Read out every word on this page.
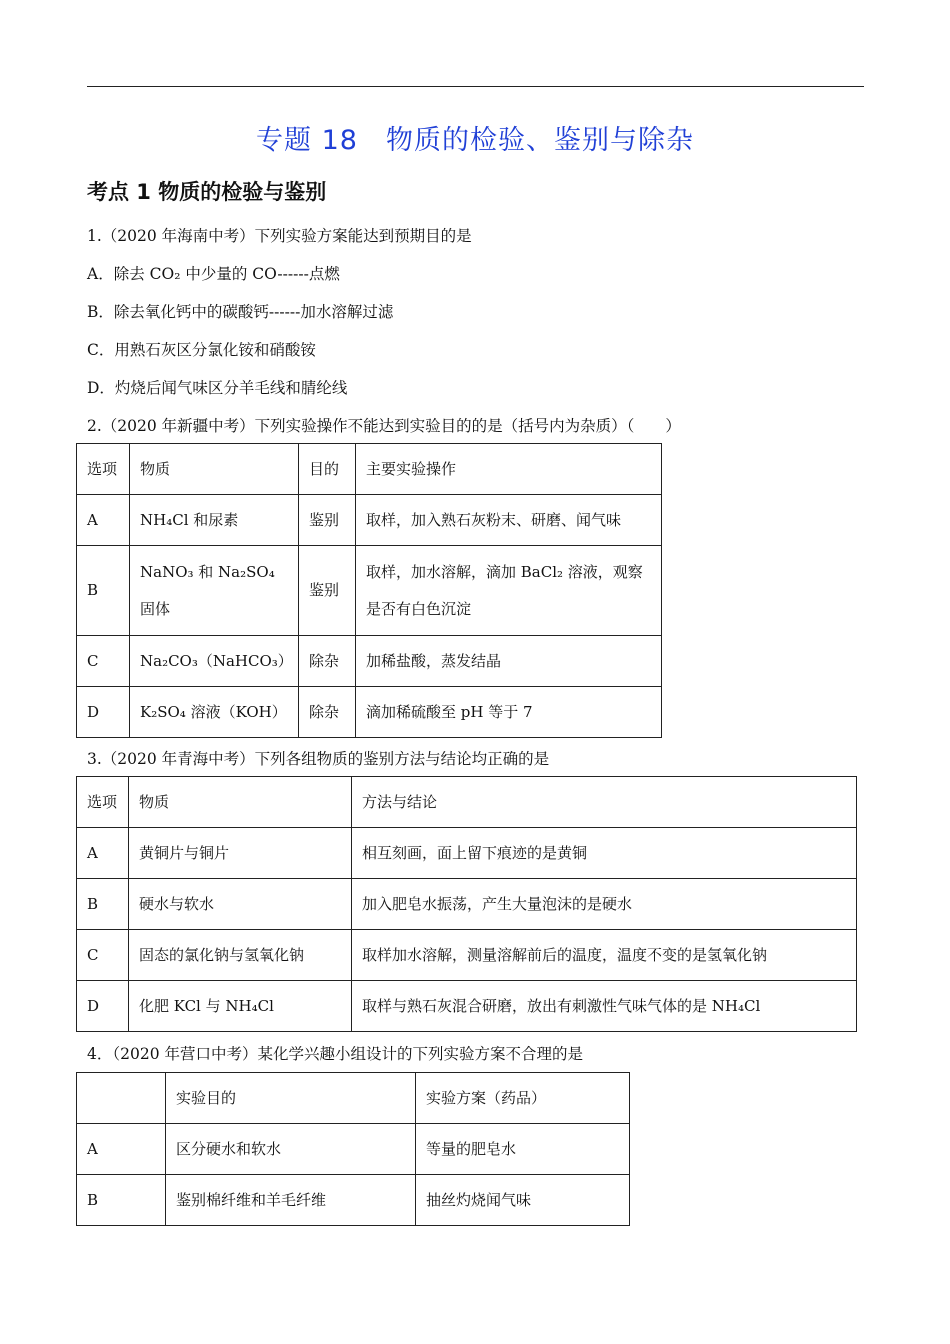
专题 18　物质的检验、鉴别与除杂
考点 1 物质的检验与鉴别
1.（2020 年海南中考）下列实验方案能达到预期目的是
A．除去 CO₂ 中少量的 CO------点燃
B．除去氧化钙中的碳酸钙------加水溶解过滤
C．用熟石灰区分氯化铵和硝酸铵
D．灼烧后闻气味区分羊毛线和腈纶线
2.（2020 年新疆中考）下列实验操作不能达到实验目的的是（括号内为杂质）（　　）
选项	物质	目的	主要实验操作
A	NH₄Cl 和尿素	鉴别	取样，加入熟石灰粉末、研磨、闻气味
B	NaNO₃ 和 Na₂SO₄ 固体	鉴别	取样，加水溶解，滴加 BaCl₂ 溶液，观察是否有白色沉淀
C	Na₂CO₃（NaHCO₃）	除杂	加稀盐酸，蒸发结晶
D	K₂SO₄ 溶液（KOH）	除杂	滴加稀硫酸至 pH 等于 7
3.（2020 年青海中考）下列各组物质的鉴别方法与结论均正确的是
选项	物质	方法与结论
A	黄铜片与铜片	相互刻画，面上留下痕迹的是黄铜
B	硬水与软水	加入肥皂水振荡，产生大量泡沫的是硬水
C	固态的氯化钠与氢氧化钠	取样加水溶解，测量溶解前后的温度，温度不变的是氢氧化钠
D	化肥 KCl 与 NH₄Cl	取样与熟石灰混合研磨，放出有刺激性气味气体的是 NH₄Cl
4．（2020 年营口中考）某化学兴趣小组设计的下列实验方案不合理的是
	实验目的	实验方案（药品）
A	区分硬水和软水	等量的肥皂水
B	鉴别棉纤维和羊毛纤维	抽丝灼烧闻气味
